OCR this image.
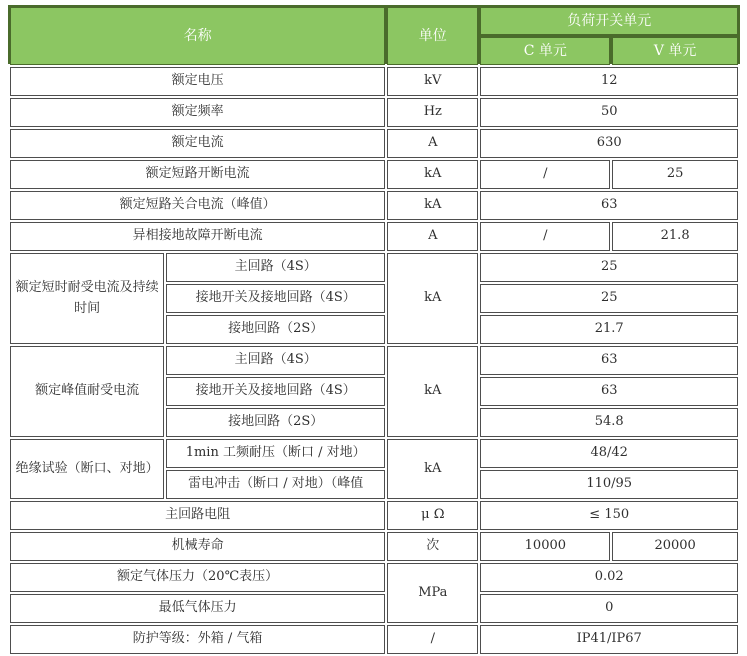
名称		单位	负荷开关单元	
			C 单元	V 单元
额定电压		kV	12	
额定频率		Hz	50	
额定电流		A	630	
额定短路开断电流		kA	/	25
额定短路关合电流（峰值）		kA	63	
异相接地故障开断电流		A	/	21.8
额定短时耐受电流及持续时间	主回路（4S）	kA	25	
	接地开关及接地回路（4S）		25	
	接地回路（2S）		21.7	
额定峰值耐受电流	主回路（4S）	kA	63	
	接地开关及接地回路（4S）		63	
	接地回路（2S）		54.8	
绝缘试验（断口、对地）	1min 工频耐压（断口 / 对地）	kA	48/42	
	雷电冲击（断口 / 对地）（峰值		110/95	
主回路电阻		μ Ω	≤ 150	
机械寿命		次	10000	20000
额定气体压力（20℃表压）		MPa	0.02	
最低气体压力			0	
防护等级：外箱 / 气箱		/	IP41/IP67	
